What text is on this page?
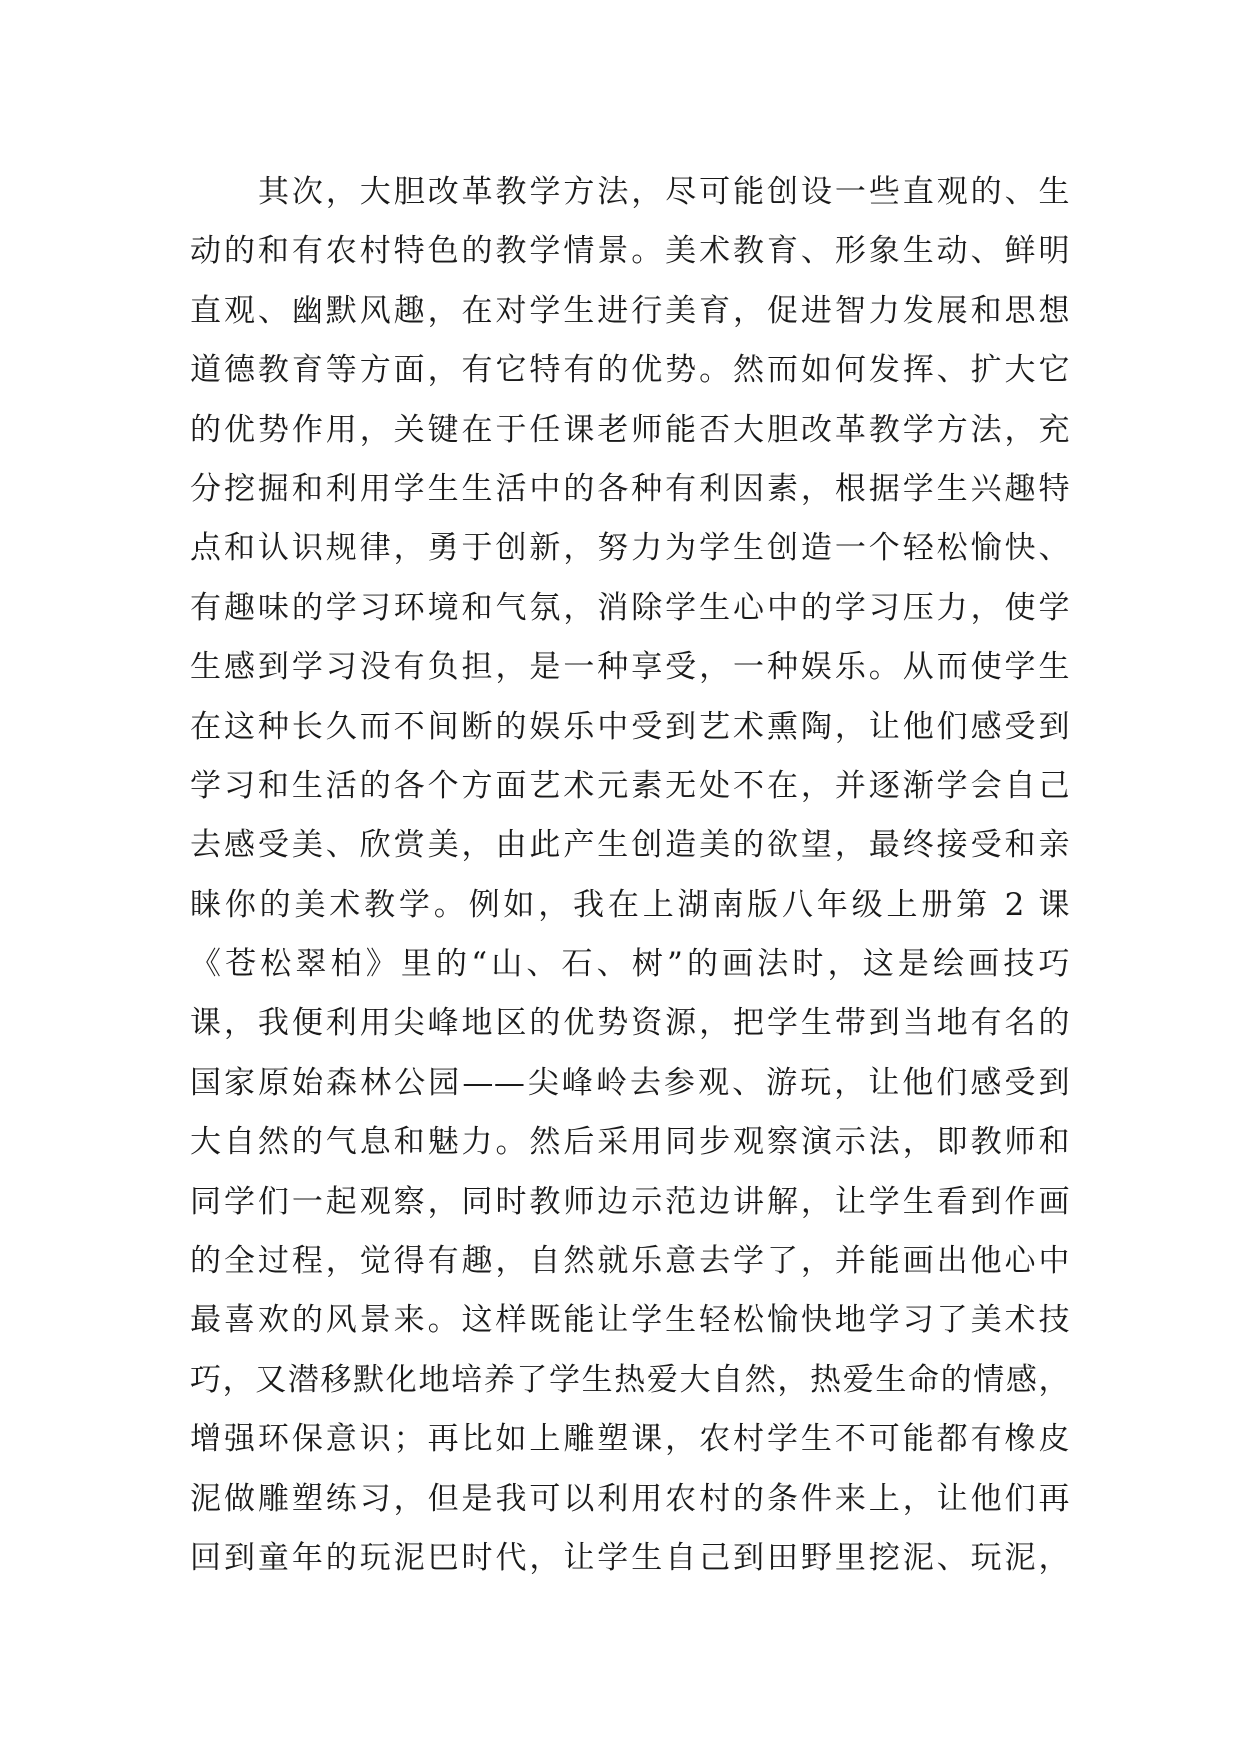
其次，大胆改革教学方法，尽可能创设一些直观的、生
动的和有农村特色的教学情景。美术教育、形象生动、鲜明
直观、幽默风趣，在对学生进行美育，促进智力发展和思想
道德教育等方面，有它特有的优势。然而如何发挥、扩大它
的优势作用，关键在于任课老师能否大胆改革教学方法，充
分挖掘和利用学生生活中的各种有利因素，根据学生兴趣特
点和认识规律，勇于创新，努力为学生创造一个轻松愉快、
有趣味的学习环境和气氛，消除学生心中的学习压力，使学
生感到学习没有负担，是一种享受，一种娱乐。从而使学生
在这种长久而不间断的娱乐中受到艺术熏陶，让他们感受到
学习和生活的各个方面艺术元素无处不在，并逐渐学会自己
去感受美、欣赏美，由此产生创造美的欲望，最终接受和亲
睐你的美术教学。例如，我在上湖南版八年级上册第 2 课
《苍松翠柏》里的“山、石、树”的画法时，这是绘画技巧
课，我便利用尖峰地区的优势资源，把学生带到当地有名的
国家原始森林公园——尖峰岭去参观、游玩，让他们感受到
大自然的气息和魅力。然后采用同步观察演示法，即教师和
同学们一起观察，同时教师边示范边讲解，让学生看到作画
的全过程，觉得有趣，自然就乐意去学了，并能画出他心中
最喜欢的风景来。这样既能让学生轻松愉快地学习了美术技
巧，又潜移默化地培养了学生热爱大自然，热爱生命的情感，
增强环保意识；再比如上雕塑课，农村学生不可能都有橡皮
泥做雕塑练习，但是我可以利用农村的条件来上，让他们再
回到童年的玩泥巴时代，让学生自己到田野里挖泥、玩泥，
